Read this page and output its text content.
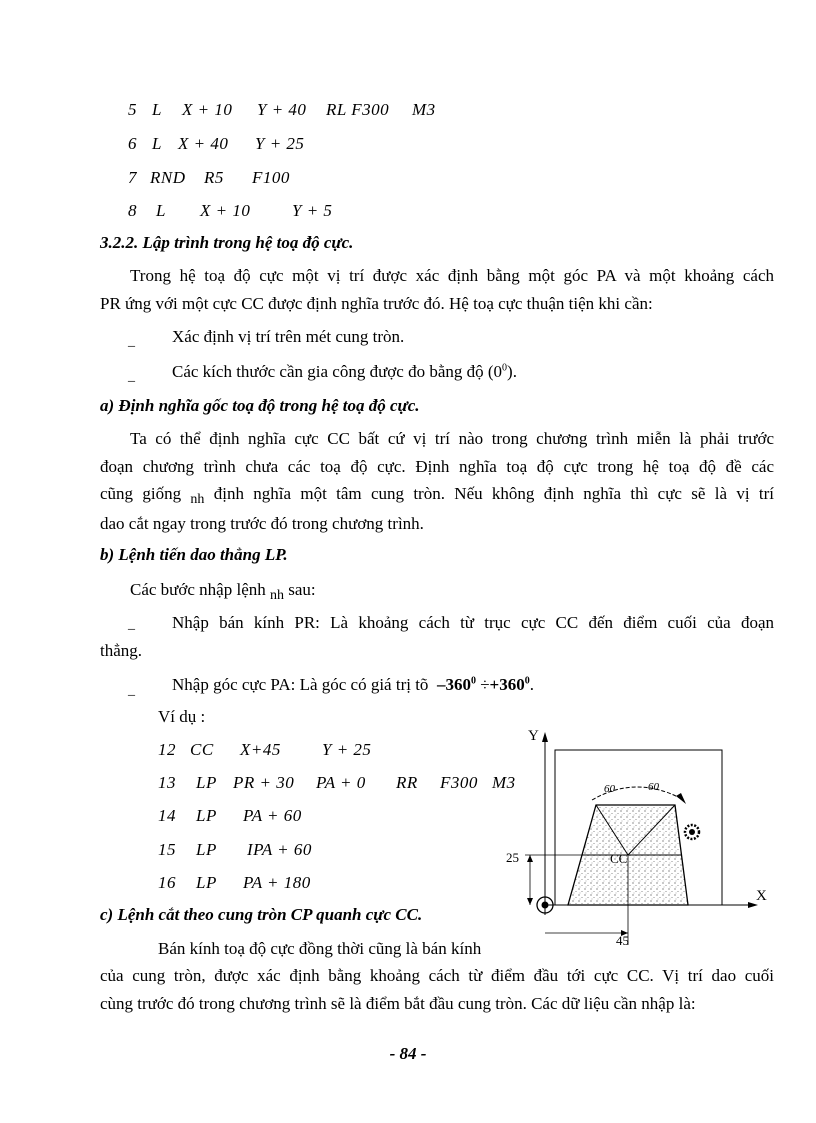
5 L X + 10 Y + 40 RL F300 M3
6 L X + 40 Y + 25
7 RND R5 F100
8 L X + 10 Y + 5
3.2.2. Lập trình trong hệ toạ độ cực.

Trong hệ toạ độ cực một vị trí được xác định bằng một góc PA và một khoảng cách

PR ứng với một cực CC được định nghĩa trước đó. Hệ toạ cực thuận tiện khi cần:

_ Xác định vị trí trên mét cung tròn.
_ Các kích thước cần gia công được đo bằng độ $(0^0)$.
a) Định nghĩa gốc toạ độ trong hệ toạ độ cực.

Ta có thể định nghĩa cực CC bất cứ vị trí nào trong chương trình miễn là phải trước

đoạn chương trình chưa các toạ độ cực. Định nghĩa toạ độ cực trong hệ toạ độ đề các

cũng giống $_{nh}$ định nghĩa một tâm cung tròn. Nếu không định nghĩa thì cực sẽ là vị trí

dao cắt ngay trong trước đó trong chương trình.

b) Lệnh tiến dao thẳng LP.
Các bước nhập lệnh $_{nh}$ sau:
_	Nhập bán kính PR: Là khoảng cách từ trục cực CC đến điểm cuối của đoạn

thẳng.

_ Nhập góc cực PA: Là góc có giá trị tõ $-360^0 \div+360^0$.
Ví dụ :
12 CC X+45 Y + 25
13 LP PR + 30 PA + 0 RR F300 M3
14 LP PA + 60
15 LP IPA + 60
16 LP PA + 180
c) Lệnh cắt theo cung tròn CP quanh cực CC.
Bán kính toạ độ cực đồng thời cũng là bán kính

của cung tròn, được xác định bằng khoảng cách từ điểm đầu tới cực CC. Vị trí dao cuối

cùng trước đó trong chương trình sẽ là điểm bắt đầu cung tròn. Các dữ liệu cần nhập là:

Y
X
60	60
CC
25
45
- 84 -
